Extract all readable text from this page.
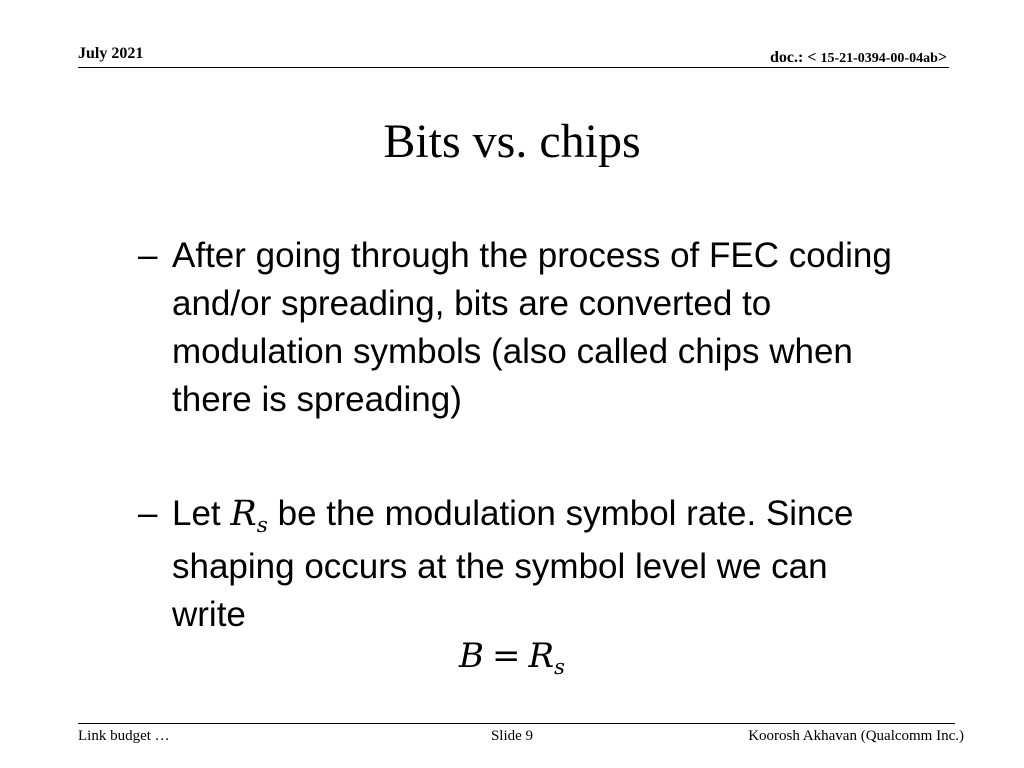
July 2021	doc.: < 15-21-0394-00-04ab>
Bits vs. chips
– After going through the process of FEC coding and/or spreading, bits are converted to modulation symbols (also called chips when there is spreading)
– Let Rs be the modulation symbol rate. Since shaping occurs at the symbol level we can write
B = Rs
Link budget …	Slide 9	Koorosh Akhavan (Qualcomm Inc.)
